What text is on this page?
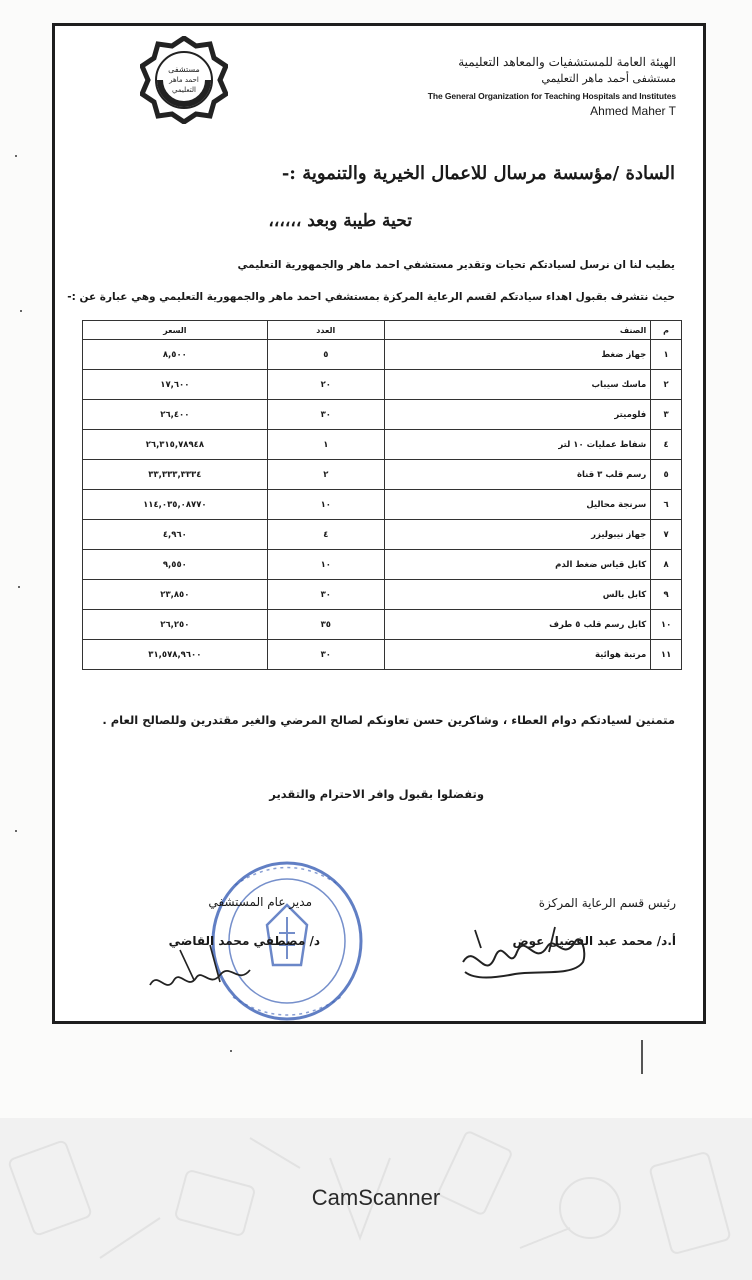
مستشفى
احمد ماهر
التعليمي
الهيئة العامة للمستشفيات والمعاهد التعليمية
مستشفى أحمد ماهر التعليمي
The General Organization for Teaching Hospitals and Institutes
Ahmed Maher T
السادة /مؤسسة مرسال للاعمال الخيرية والتنموية :-
تحية طيبة وبعد ،،،،،،
يطيب لنا ان نرسل لسيادتكم تحيات وتقدير مستشفي احمد ماهر والجمهورية التعليمي
حيث نتشرف بقبول اهداء سيادتكم لقسم الرعاية المركزة بمستشفي احمد ماهر والجمهورية التعليمي وهي عبارة عن :-
م	الصنف	العدد	السعر
١	جهاز ضغط	٥	٨,٥٠٠
٢	ماسك سيباب	٢٠	١٧,٦٠٠
٣	فلوميتر	٣٠	٢٦,٤٠٠
٤	شفاط عمليات ١٠ لتر	١	٢٦,٣١٥,٧٨٩٤٨
٥	رسم قلب ٣ قناة	٢	٣٣,٣٣٣,٣٣٣٤
٦	سرنجة محاليل	١٠	١١٤,٠٣٥,٠٨٧٧٠
٧	جهاز نيبوليزر	٤	٤,٩٦٠
٨	كابل قياس ضغط الدم	١٠	٩,٥٥٠
٩	كابل بالس	٣٠	٢٣,٨٥٠
١٠	كابل رسم قلب ٥ طرف	٣٥	٢٦,٢٥٠
١١	مرتبة هوائية	٣٠	٣١,٥٧٨,٩٦٠٠
متمنين لسيادتكم دوام العطاء ، وشاكرين حسن تعاونكم لصالح المرضي والغير مقتدرين وللصالح العام .
وتفضلوا بقبول وافر الاحترام والتقدير
مدير عام المستشفي
د/ مصطفي محمد القاضي
رئيس قسم الرعاية المركزة
أ.د/ محمد عبد الفضيل عوض
CamScanner
